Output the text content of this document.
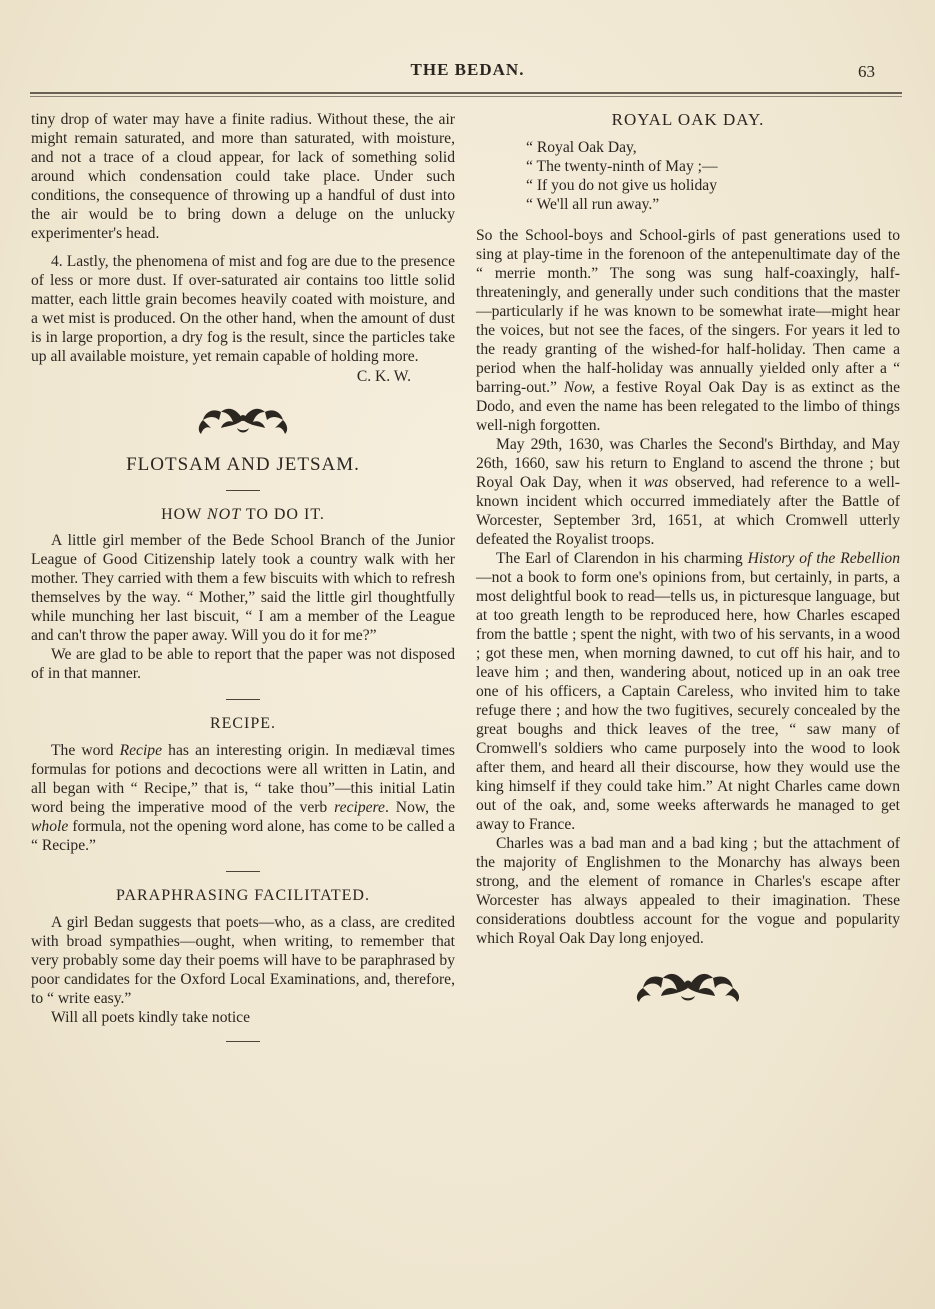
THE BEDAN.	63

tiny drop of water may have a finite radius. Without these, the air might remain saturated, and more than saturated, with moisture, and not a trace of a cloud appear, for lack of something solid around which condensation could take place. Under such conditions, the consequence of throwing up a handful of dust into the air would be to bring down a deluge on the unlucky experimenter's head.

4. Lastly, the phenomena of mist and fog are due to the presence of less or more dust. If over-saturated air contains too little solid matter, each little grain becomes heavily coated with moisture, and a wet mist is produced. On the other hand, when the amount of dust is in large proportion, a dry fog is the result, since the particles take up all available moisture, yet remain capable of holding more.

C. K. W.

FLOTSAM AND JETSAM.

HOW NOT TO DO IT.

A little girl member of the Bede School Branch of the Junior League of Good Citizenship lately took a country walk with her mother. They carried with them a few biscuits with which to refresh themselves by the way. “ Mother,” said the little girl thoughtfully while munching her last biscuit, “ I am a member of the League and can't throw the paper away. Will you do it for me?”

We are glad to be able to report that the paper was not disposed of in that manner.

RECIPE.

The word Recipe has an interesting origin. In mediæval times formulas for potions and decoctions were all written in Latin, and all began with “ Recipe,” that is, “ take thou”—this initial Latin word being the imperative mood of the verb recipere. Now, the whole formula, not the opening word alone, has come to be called a “ Recipe.”

PARAPHRASING FACILITATED.

A girl Bedan suggests that poets—who, as a class, are credited with broad sympathies—ought, when writing, to remember that very probably some day their poems will have to be paraphrased by poor candidates for the Oxford Local Examinations, and, therefore, to “ write easy.”

Will all poets kindly take notice

ROYAL OAK DAY.

“ Royal Oak Day,
“ The twenty-ninth of May ;—
“ If you do not give us holiday
“ We'll all run away.”

So the School-boys and School-girls of past generations used to sing at play-time in the forenoon of the antepenultimate day of the “ merrie month.” The song was sung half-coaxingly, half-threateningly, and generally under such conditions that the master—particularly if he was known to be somewhat irate—might hear the voices, but not see the faces, of the singers. For years it led to the ready granting of the wished-for half-holiday. Then came a period when the half-holiday was annually yielded only after a “ barring-out.” Now, a festive Royal Oak Day is as extinct as the Dodo, and even the name has been relegated to the limbo of things well-nigh forgotten.

May 29th, 1630, was Charles the Second's Birthday, and May 26th, 1660, saw his return to England to ascend the throne ; but Royal Oak Day, when it was observed, had reference to a well-known incident which occurred immediately after the Battle of Worcester, September 3rd, 1651, at which Cromwell utterly defeated the Royalist troops.

The Earl of Clarendon in his charming History of the Rebellion—not a book to form one's opinions from, but certainly, in parts, a most delightful book to read—tells us, in picturesque language, but at too greath length to be reproduced here, how Charles escaped from the battle ; spent the night, with two of his servants, in a wood ; got these men, when morning dawned, to cut off his hair, and to leave him ; and then, wandering about, noticed up in an oak tree one of his officers, a Captain Careless, who invited him to take refuge there ; and how the two fugitives, securely concealed by the great boughs and thick leaves of the tree, “ saw many of Cromwell's soldiers who came purposely into the wood to look after them, and heard all their discourse, how they would use the king himself if they could take him.” At night Charles came down out of the oak, and, some weeks afterwards he managed to get away to France.

Charles was a bad man and a bad king ; but the attachment of the majority of Englishmen to the Monarchy has always been strong, and the element of romance in Charles's escape after Worcester has always appealed to their imagination. These considerations doubtless account for the vogue and popularity which Royal Oak Day long enjoyed.
